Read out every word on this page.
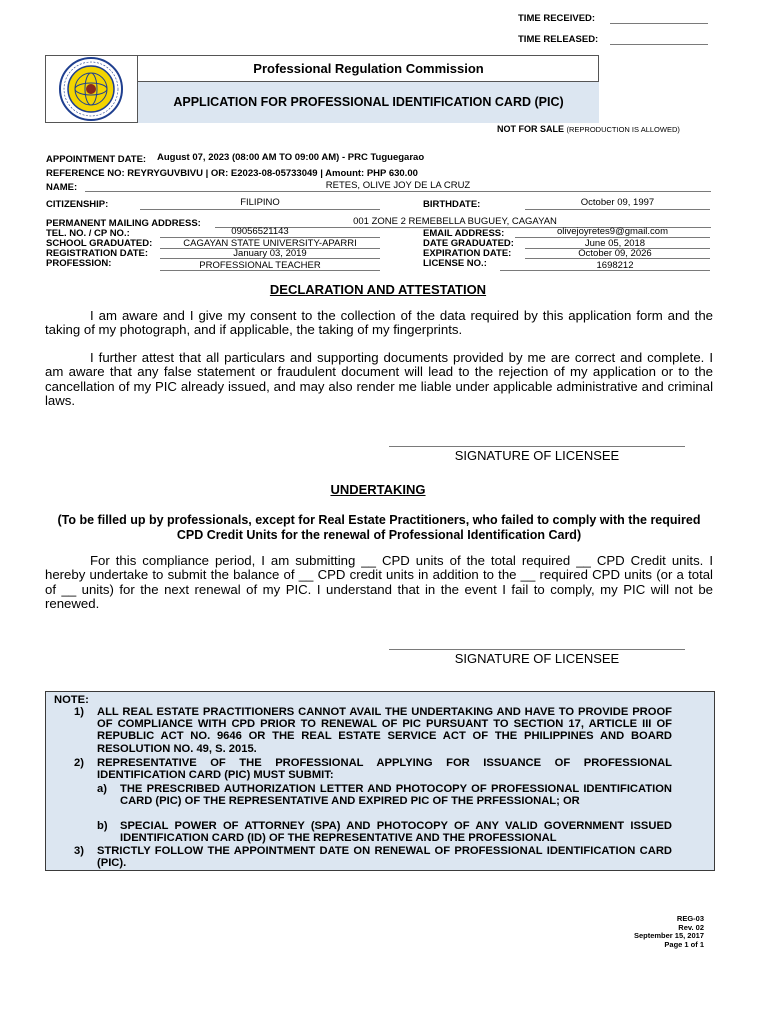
TIME RECEIVED:
TIME RELEASED:
Professional Regulation Commission
APPLICATION FOR PROFESSIONAL IDENTIFICATION CARD (PIC)
NOT FOR SALE (REPRODUCTION IS ALLOWED)
APPOINTMENT DATE: August 07, 2023 (08:00 AM TO 09:00 AM) - PRC Tuguegarao
REFERENCE NO: REYRYGUVBIVU | OR: E2023-08-05733049 | Amount: PHP 630.00
NAME:	RETES, OLIVE JOY DE LA CRUZ
CITIZENSHIP:	FILIPINO	BIRTHDATE:	October 09, 1997
PERMANENT MAILING ADDRESS:	001 ZONE 2 REMEBELLA BUGUEY, CAGAYAN
TEL. NO. / CP NO.:	09056521143	EMAIL ADDRESS:	olivejoyretes9@gmail.com
SCHOOL GRADUATED:	CAGAYAN STATE UNIVERSITY-APARRI	DATE GRADUATED:	June 05, 2018
REGISTRATION DATE:	January 03, 2019	EXPIRATION DATE:	October 09, 2026
PROFESSION:	PROFESSIONAL TEACHER	LICENSE NO.:	1698212
DECLARATION AND ATTESTATION
I am aware and I give my consent to the collection of the data required by this application form and the taking of my photograph, and if applicable, the taking of my fingerprints.
I further attest that all particulars and supporting documents provided by me are correct and complete. I am aware that any false statement or fraudulent document will lead to the rejection of my application or to the cancellation of my PIC already issued, and may also render me liable under applicable administrative and criminal laws.
SIGNATURE OF LICENSEE
UNDERTAKING
(To be filled up by professionals, except for Real Estate Practitioners, who failed to comply with the required CPD Credit Units for the renewal of Professional Identification Card)
For this compliance period, I am submitting __ CPD units of the total required __ CPD Credit units. I hereby undertake to submit the balance of __ CPD credit units in addition to the __ required CPD units (or a total of __ units) for the next renewal of my PIC. I understand that in the event I fail to comply, my PIC will not be renewed.
SIGNATURE OF LICENSEE
NOTE:
1) ALL REAL ESTATE PRACTITIONERS CANNOT AVAIL THE UNDERTAKING AND HAVE TO PROVIDE PROOF OF COMPLIANCE WITH CPD PRIOR TO RENEWAL OF PIC PURSUANT TO SECTION 17, ARTICLE III OF REPUBLIC ACT NO. 9646 OR THE REAL ESTATE SERVICE ACT OF THE PHILIPPINES AND BOARD RESOLUTION NO. 49, S. 2015.
2) REPRESENTATIVE OF THE PROFESSIONAL APPLYING FOR ISSUANCE OF PROFESSIONAL IDENTIFICATION CARD (PIC) MUST SUBMIT:
a) THE PRESCRIBED AUTHORIZATION LETTER AND PHOTOCOPY OF PROFESSIONAL IDENTIFICATION CARD (PIC) OF THE REPRESENTATIVE AND EXPIRED PIC OF THE PRFESSIONAL; OR
b) SPECIAL POWER OF ATTORNEY (SPA) AND PHOTOCOPY OF ANY VALID GOVERNMENT ISSUED IDENTIFICATION CARD (ID) OF THE REPRESENTATIVE AND THE PROFESSIONAL
3) STRICTLY FOLLOW THE APPOINTMENT DATE ON RENEWAL OF PROFESSIONAL IDENTIFICATION CARD (PIC).
REG-03
Rev. 02
September 15, 2017
Page 1 of 1
